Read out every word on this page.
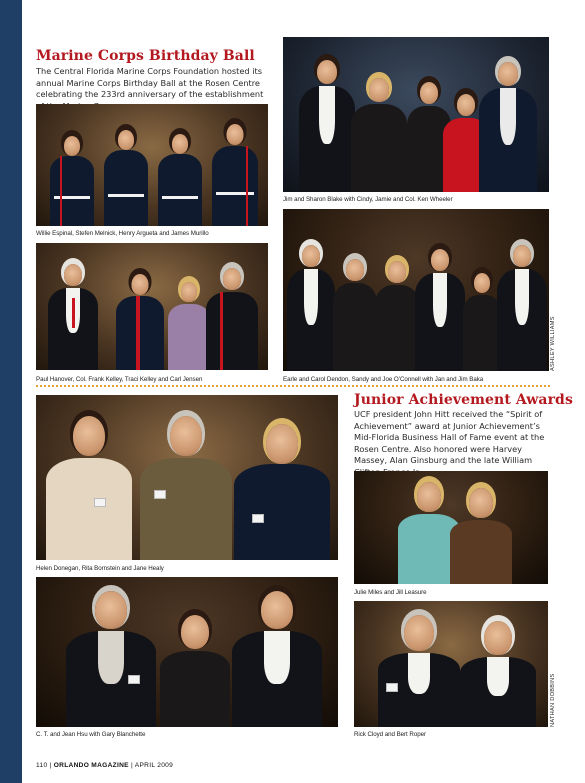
Marine Corps Birthday Ball
The Central Florida Marine Corps Foundation hosted its annual Marine Corps Birthday Ball at the Rosen Centre celebrating the 233rd anniversary of the establishment
Willie Espinal, Stefen Melnick, Henry Argueta and James Murillo
Jim and Sharon Blake with Cindy, Jamie and Col. Ken Wheeler
Paul Hanover, Col. Frank Kelley, Traci Kelley and Carl Jensen	Earle and Carol Dendon, Sandy and Joe O’Connell with Jan and Jim Baka
ASHLEY WILLIAMS
Junior Achievement Awards
UCF president John Hitt received the “Spirit of Achievement” award at Junior Achievement’s Mid-Florida Business Hall of Fame event at the Rosen Centre. Also honored were Harvey Massey, Alan Ginsburg and the late William
Helen Donegan, Rita Bornstein and Jane Healy
Julie Miles and Jill Leasure
C. T. and Jean Hsu with Gary Blanchette	Rick Cloyd and Bert Roper
NATHAN DOBBINS
110 | ORLANDO MAGAZINE | APRIL 2009
